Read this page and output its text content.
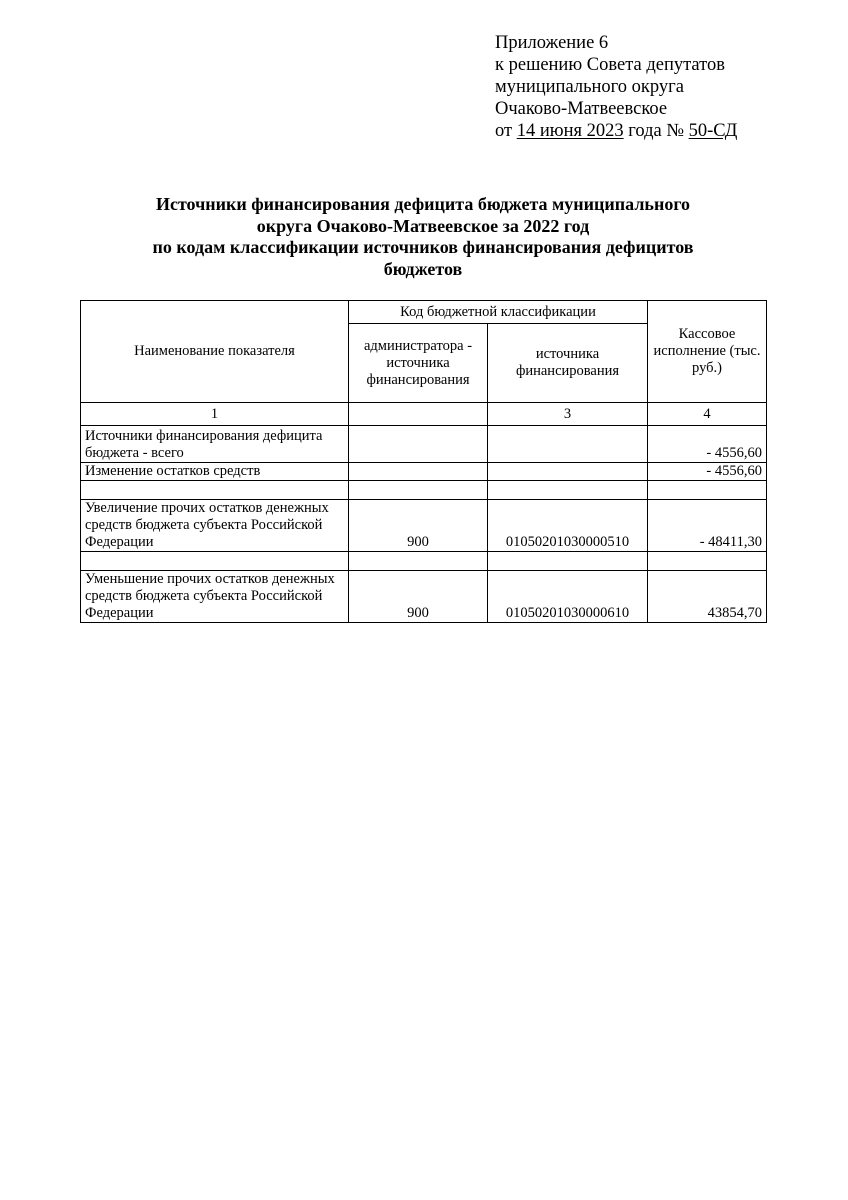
Приложение 6
к решению Совета депутатов
муниципального округа
Очаково-Матвеевское
от 14 июня 2023 года № 50-СД
Источники финансирования дефицита бюджета муниципального
округа Очаково-Матвеевское за 2022 год
по кодам классификации источников финансирования дефицитов
бюджетов
Наименование показателя	Код бюджетной классификации		Кассовое исполнение (тыс. руб.)
	администратора - источника финансирования	источника финансирования	
1		3	4
Источники финансирования дефицита бюджета - всего			- 4556,60
Изменение остатков средств			- 4556,60

Увеличение прочих остатков денежных средств бюджета субъекта Российской Федерации	900	01050201030000510	- 48411,30

Уменьшение прочих остатков денежных средств бюджета субъекта Российской Федерации	900	01050201030000610	43854,70
